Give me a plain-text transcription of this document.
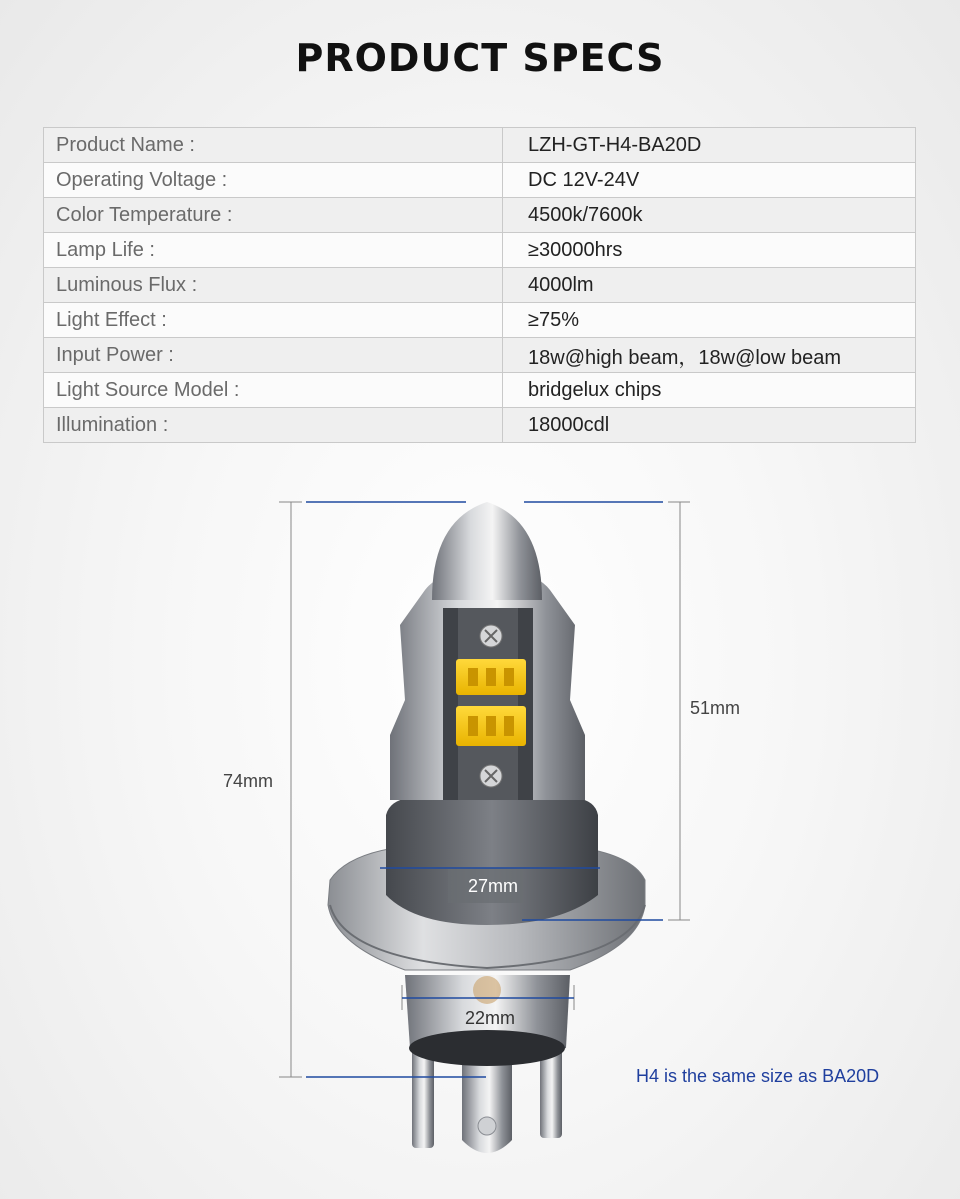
PRODUCT SPECS
Product Name :	LZH-GT-H4-BA20D
Operating Voltage :	DC 12V-24V
Color Temperature :	4500k/7600k
Lamp Life :	≥30000hrs
Luminous Flux :	4000lm
Light Effect :	≥75%
Input Power :	18w@high beam，18w@low beam
Light Source Model :	bridgelux chips
Illumination :	18000cdl
74mm
51mm
27mm
22mm
H4 is the same size as BA20D
